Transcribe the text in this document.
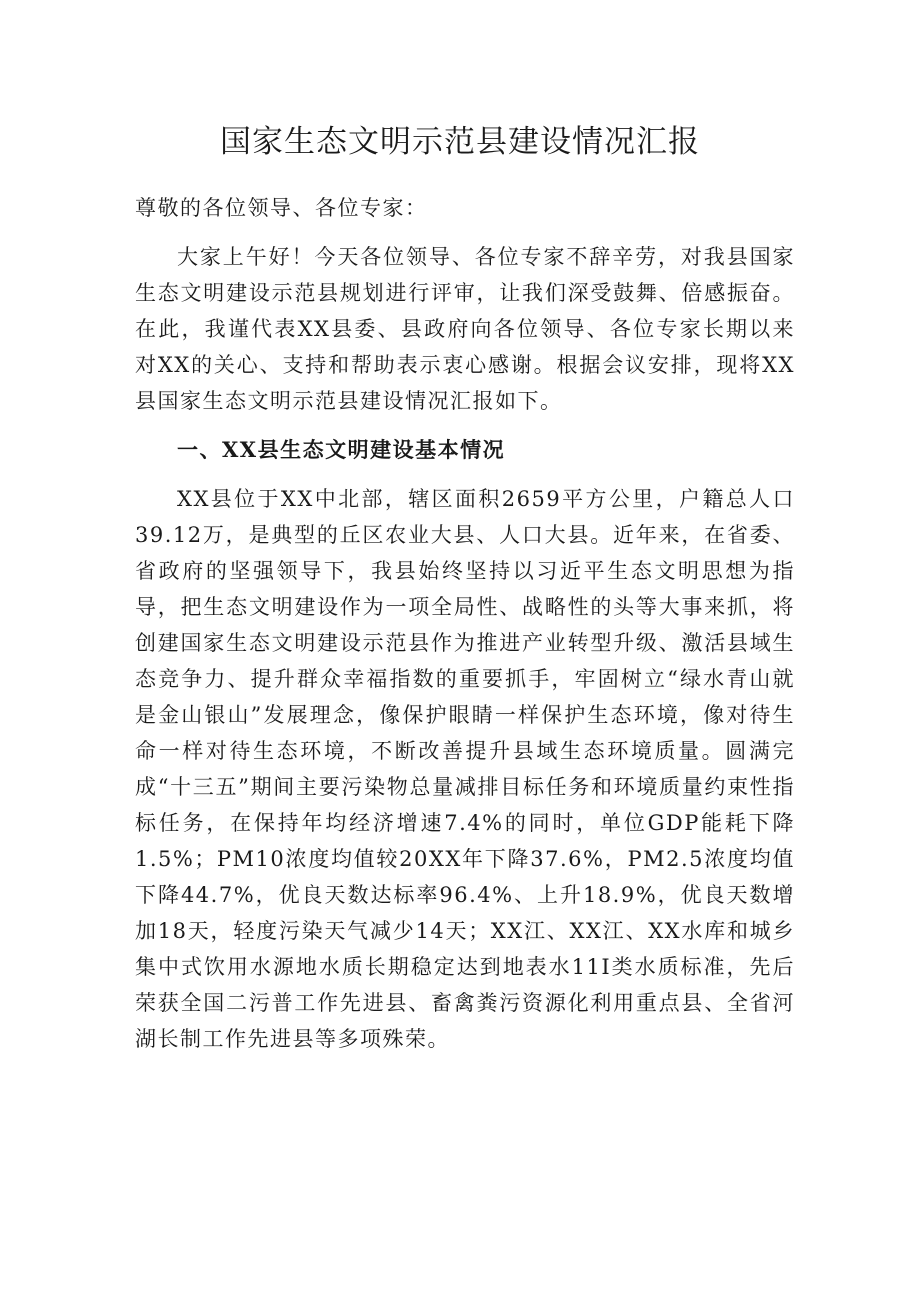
国家生态文明示范县建设情况汇报

尊敬的各位领导、各位专家：

大家上午好！今天各位领导、各位专家不辞辛劳，对我县国家生态文明建设示范县规划进行评审，让我们深受鼓舞、倍感振奋。在此，我谨代表XX县委、县政府向各位领导、各位专家长期以来对XX的关心、支持和帮助表示衷心感谢。根据会议安排，现将XX县国家生态文明示范县建设情况汇报如下。

一、XX县生态文明建设基本情况

XX县位于XX中北部，辖区面积2659平方公里，户籍总人口39.12万，是典型的丘区农业大县、人口大县。近年来，在省委、省政府的坚强领导下，我县始终坚持以习近平生态文明思想为指导，把生态文明建设作为一项全局性、战略性的头等大事来抓，将创建国家生态文明建设示范县作为推进产业转型升级、激活县域生态竞争力、提升群众幸福指数的重要抓手，牢固树立“绿水青山就是金山银山”发展理念，像保护眼睛一样保护生态环境，像对待生命一样对待生态环境，不断改善提升县域生态环境质量。圆满完成“十三五”期间主要污染物总量减排目标任务和环境质量约束性指标任务，在保持年均经济增速7.4%的同时，单位GDP能耗下降1.5%；PM10浓度均值较20XX年下降37.6%，PM2.5浓度均值下降44.7%，优良天数达标率96.4%、上升18.9%，优良天数增加18天，轻度污染天气减少14天；XX江、XX江、XX水库和城乡集中式饮用水源地水质长期稳定达到地表水11I类水质标准，先后荣获全国二污普工作先进县、畜禽粪污资源化利用重点县、全省河湖长制工作先进县等多项殊荣。
